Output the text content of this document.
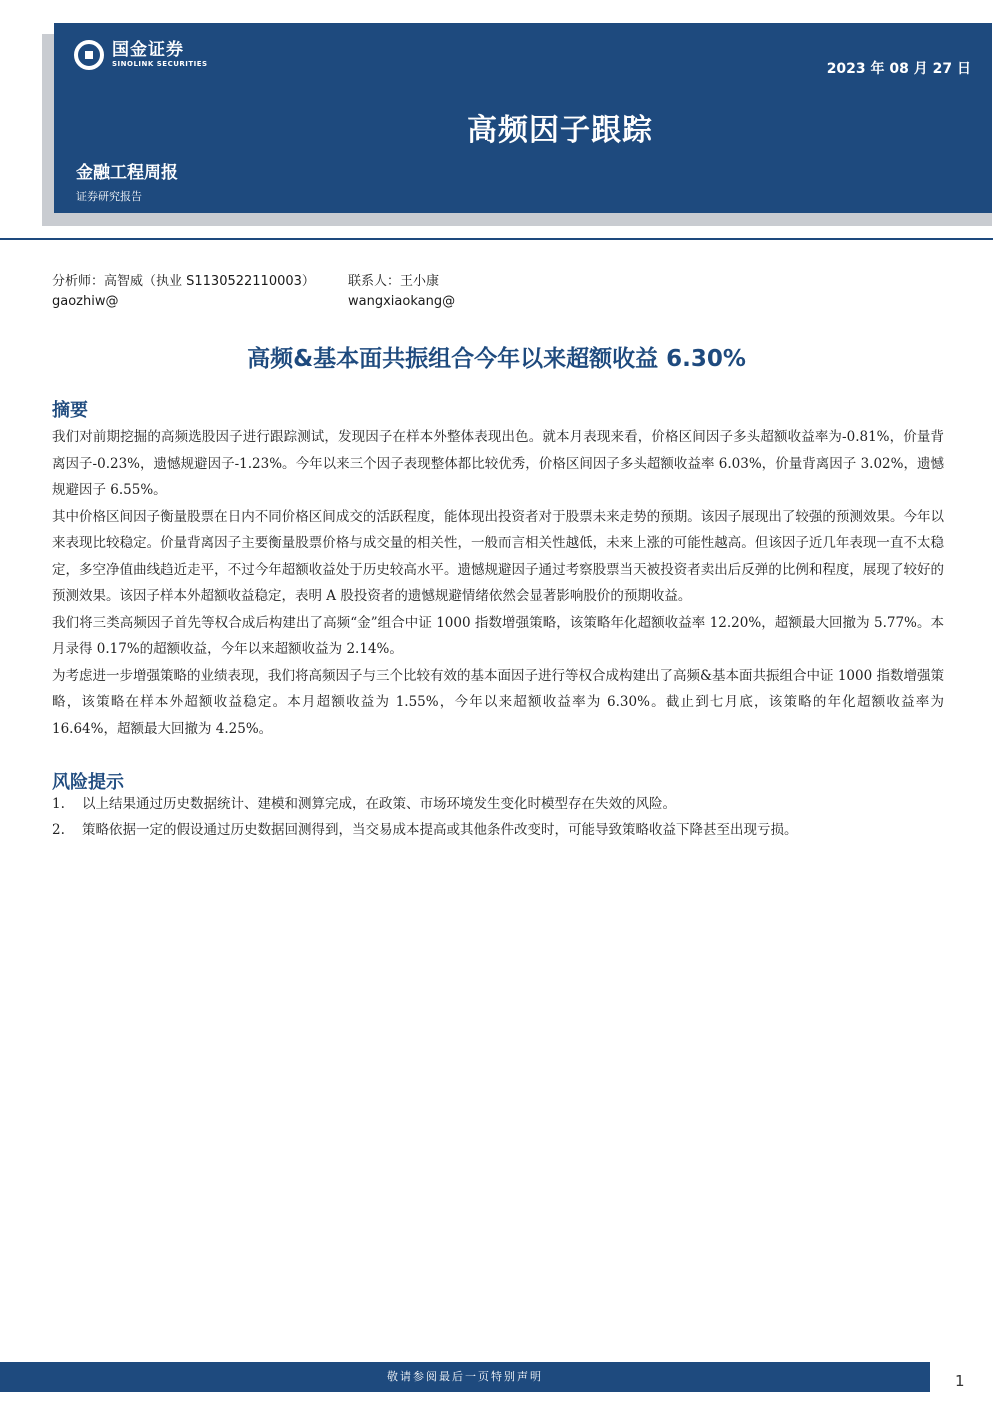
国金证券
SINOLINK SECURITIES	2023 年 08 月 27 日
高频因子跟踪
金融工程周报
证券研究报告
分析师：高智威（执业 S1130522110003）	联系人：王小康
gaozhiw@	wangxiaokang@
高频&基本面共振组合今年以来超额收益 6.30%
摘要

我们对前期挖掘的高频选股因子进行跟踪测试，发现因子在样本外整体表现出色。就本月表现来看，价格区间因子多头超额收益率为-0.81%，价量背离因子-0.23%，遗憾规避因子-1.23%。今年以来三个因子表现整体都比较优秀，价格区间因子多头超额收益率 6.03%，价量背离因子 3.02%，遗憾规避因子 6.55%。

其中价格区间因子衡量股票在日内不同价格区间成交的活跃程度，能体现出投资者对于股票未来走势的预期。该因子展现出了较强的预测效果。今年以来表现比较稳定。价量背离因子主要衡量股票价格与成交量的相关性，一般而言相关性越低，未来上涨的可能性越高。但该因子近几年表现一直不太稳定，多空净值曲线趋近走平，不过今年超额收益处于历史较高水平。遗憾规避因子通过考察股票当天被投资者卖出后反弹的比例和程度，展现了较好的预测效果。该因子样本外超额收益稳定，表明 A 股投资者的遗憾规避情绪依然会显著影响股价的预期收益。

我们将三类高频因子首先等权合成后构建出了高频“金”组合中证 1000 指数增强策略，该策略年化超额收益率 12.20%，超额最大回撤为 5.77%。本月录得 0.17%的超额收益，今年以来超额收益为 2.14%。

为考虑进一步增强策略的业绩表现，我们将高频因子与三个比较有效的基本面因子进行等权合成构建出了高频&基本面共振组合中证 1000 指数增强策略，该策略在样本外超额收益稳定。本月超额收益为 1.55%，今年以来超额收益率为 6.30%。截止到七月底，该策略的年化超额收益率为 16.64%，超额最大回撤为 4.25%。

风险提示
1.	以上结果通过历史数据统计、建模和测算完成，在政策、市场环境发生变化时模型存在失效的风险。
2.	策略依据一定的假设通过历史数据回测得到，当交易成本提高或其他条件改变时，可能导致策略收益下降甚至出现亏损。
敬请参阅最后一页特别声明	1
